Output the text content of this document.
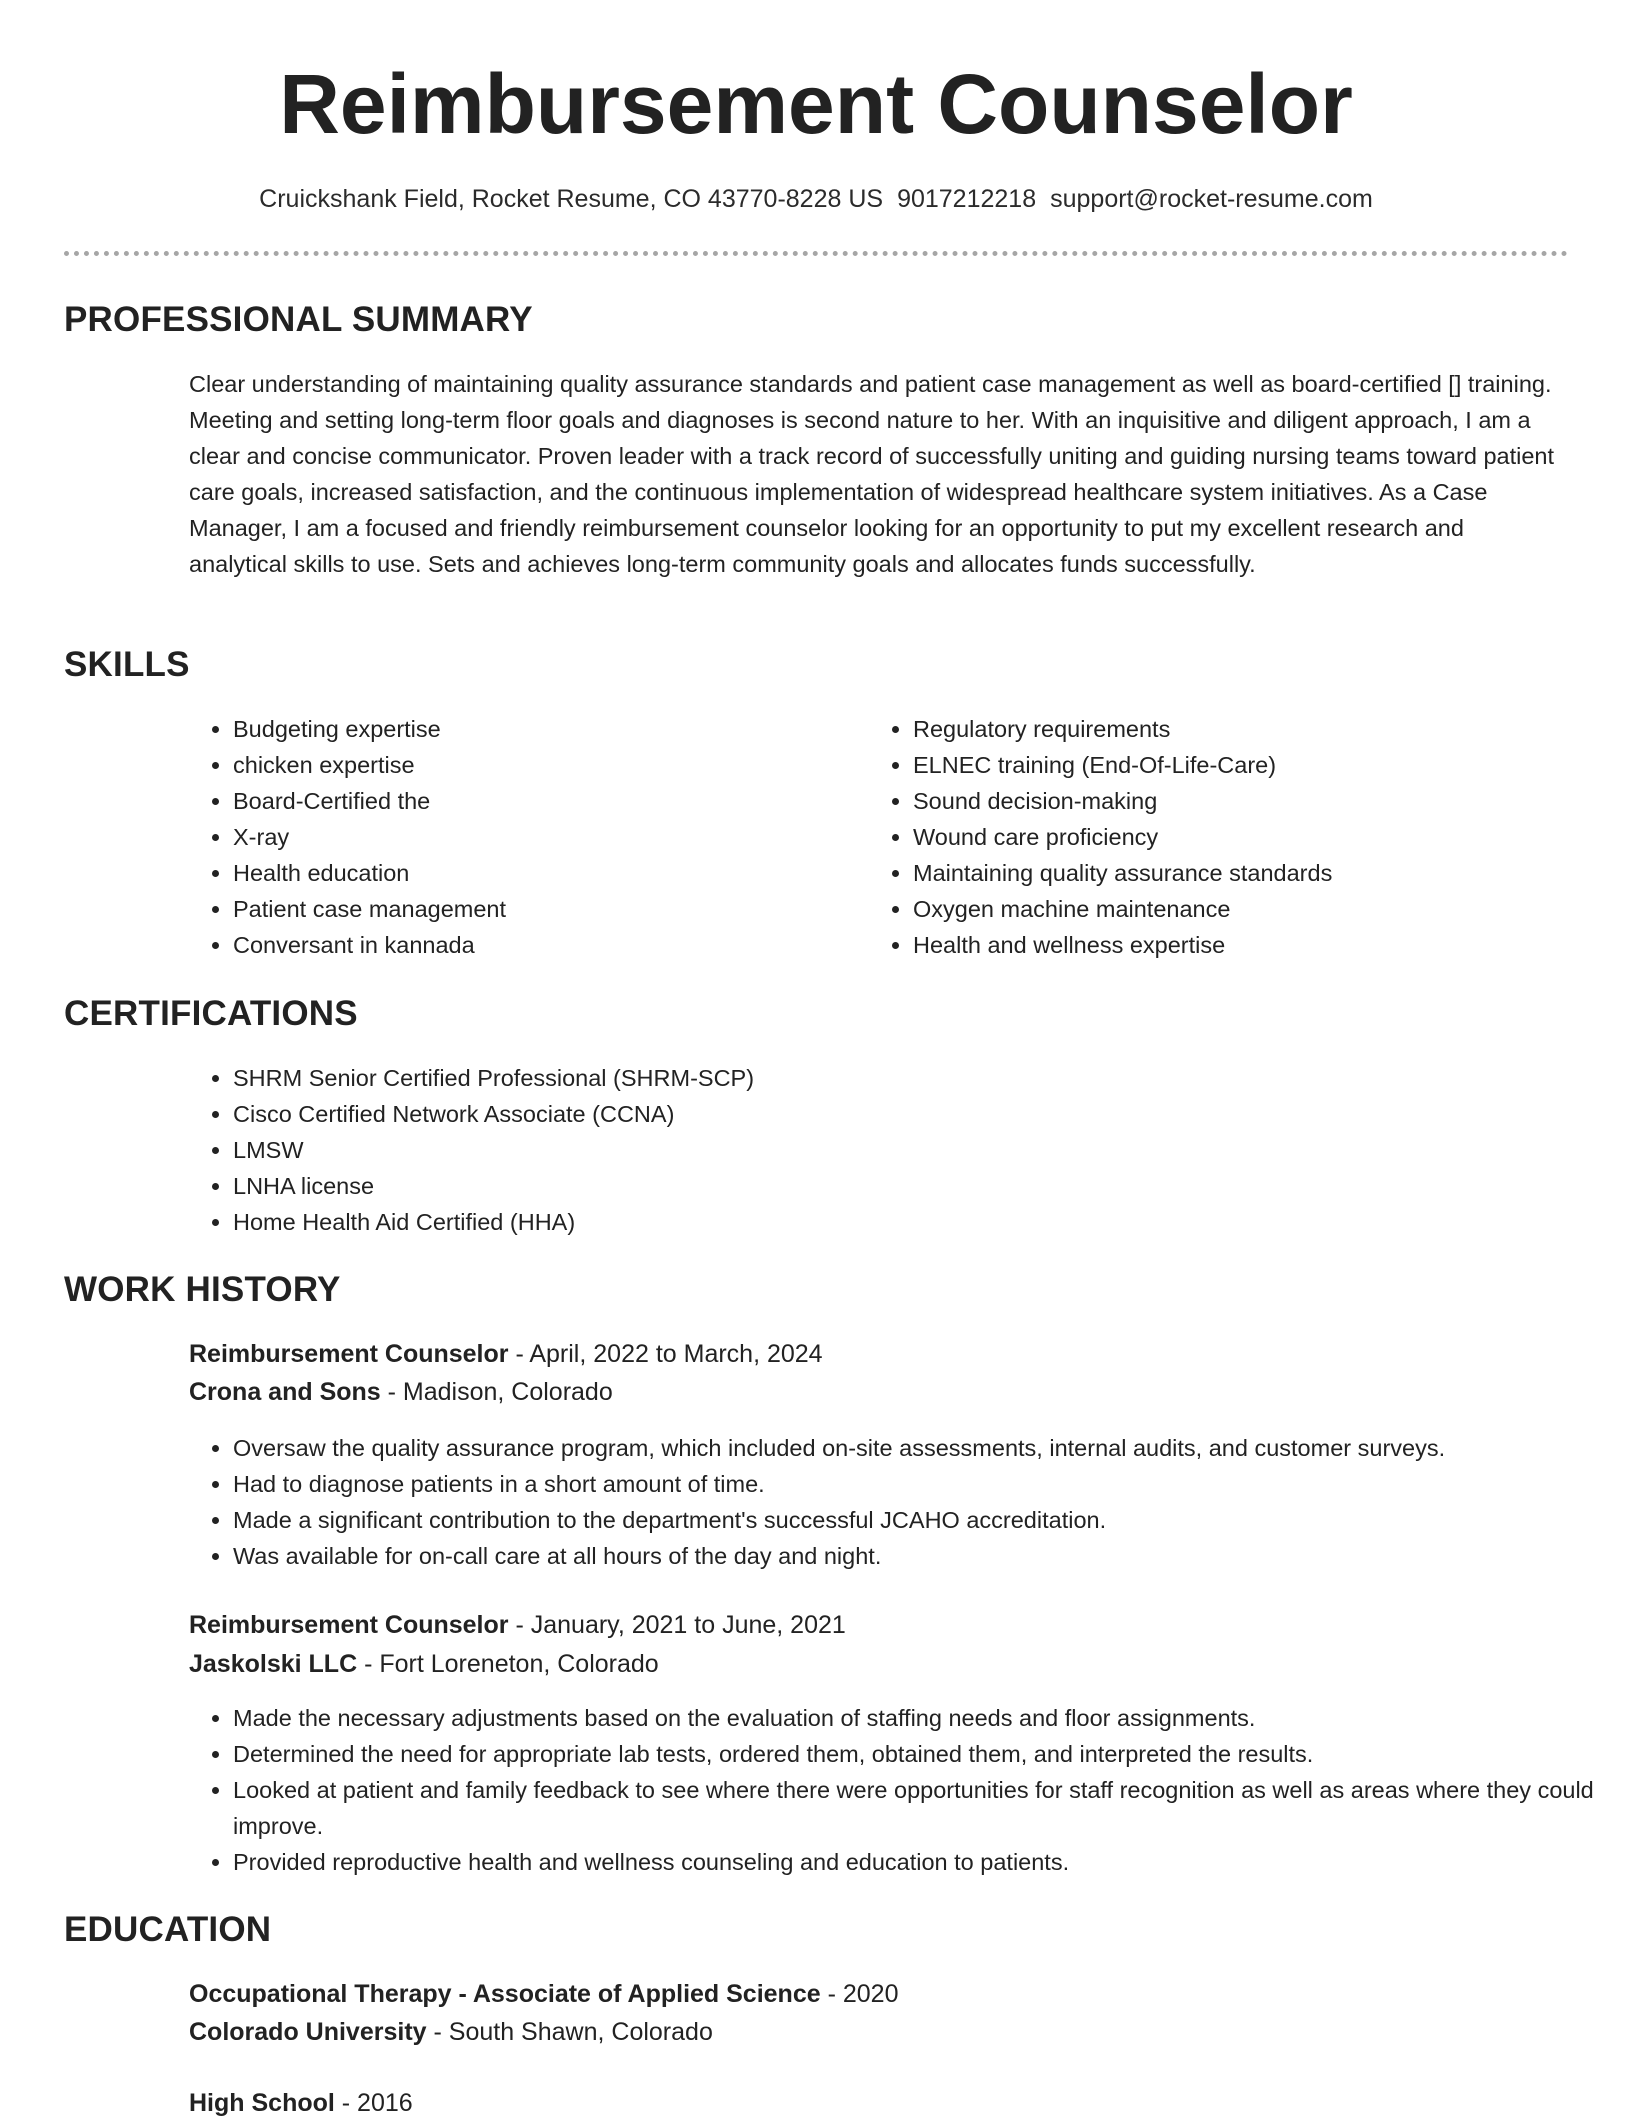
Reimbursement Counselor
Cruickshank Field, Rocket Resume, CO 43770-8228 US 9017212218 support@rocket-resume.com
PROFESSIONAL SUMMARY

Clear understanding of maintaining quality assurance standards and patient case management as well as board-certified [] training. Meeting and setting long-term floor goals and diagnoses is second nature to her. With an inquisitive and diligent approach, I am a clear and concise communicator. Proven leader with a track record of successfully uniting and guiding nursing teams toward patient care goals, increased satisfaction, and the continuous implementation of widespread healthcare system initiatives. As a Case Manager, I am a focused and friendly reimbursement counselor looking for an opportunity to put my excellent research and analytical skills to use. Sets and achieves long-term community goals and allocates funds successfully.

SKILLS
• Budgeting expertise
• chicken expertise
• Board-Certified the
• X-ray
• Health education
• Patient case management
• Conversant in kannada
• Regulatory requirements
• ELNEC training (End-Of-Life-Care)
• Sound decision-making
• Wound care proficiency
• Maintaining quality assurance standards
• Oxygen machine maintenance
• Health and wellness expertise
CERTIFICATIONS
• SHRM Senior Certified Professional (SHRM-SCP)
• Cisco Certified Network Associate (CCNA)
• LMSW
• LNHA license
• Home Health Aid Certified (HHA)
WORK HISTORY
Reimbursement Counselor - April, 2022 to March, 2024
Crona and Sons - Madison, Colorado
• Oversaw the quality assurance program, which included on-site assessments, internal audits, and customer surveys.
• Had to diagnose patients in a short amount of time.
• Made a significant contribution to the department's successful JCAHO accreditation.
• Was available for on-call care at all hours of the day and night.
Reimbursement Counselor - January, 2021 to June, 2021
Jaskolski LLC - Fort Loreneton, Colorado
• Made the necessary adjustments based on the evaluation of staffing needs and floor assignments.
• Determined the need for appropriate lab tests, ordered them, obtained them, and interpreted the results.
• Looked at patient and family feedback to see where there were opportunities for staff recognition as well as areas where they could improve.
• Provided reproductive health and wellness counseling and education to patients.
EDUCATION
Occupational Therapy - Associate of Applied Science - 2020
Colorado University - South Shawn, Colorado
High School - 2016
